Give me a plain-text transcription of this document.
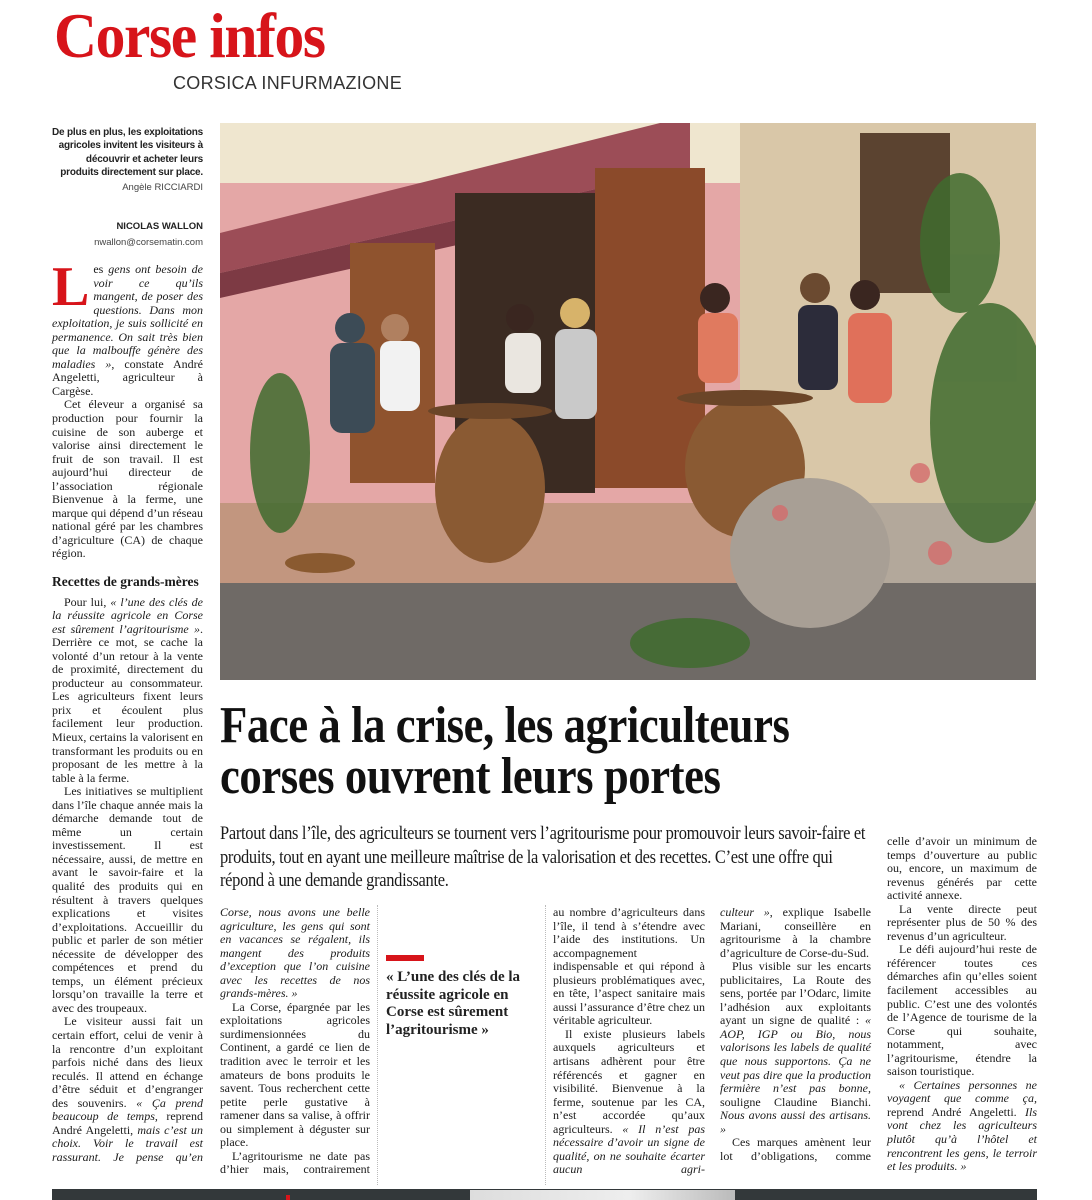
Corse infos
CORSICA INFURMAZIONE
De plus en plus, les exploitations agricoles invitent les visiteurs à découvrir et acheter leurs produits directement sur place.
Angèle RICCIARDI
NICOLAS WALLON
nwallon@corsematin.com
L es gens ont besoin de voir ce qu’ils mangent, de poser des questions. Dans mon exploitation, je suis sollicité en permanence. On sait très bien que la malbouffe génère des maladies », constate André Angeletti, agriculteur à Cargèse.

Cet éleveur a organisé sa production pour fournir la cuisine de son auberge et valorise ainsi directement le fruit de son travail. Il est aujourd’hui directeur de l’association régionale Bienvenue à la ferme, une marque qui dépend d’un réseau national géré par les chambres d’agriculture (CA) de chaque région.

Recettes de grands-mères

Pour lui, « l’une des clés de la réussite agricole en Corse est sûrement l’agritourisme ». Derrière ce mot, se cache la volonté d’un retour à la vente de proximité, directement du producteur au consommateur. Les agriculteurs fixent leurs prix et écoulent plus facilement leur production. Mieux, certains la valorisent en transformant les produits ou en proposant de les mettre à la table à la ferme.

Les initiatives se multiplient dans l’île chaque année mais la démarche demande tout de même un certain investissement. Il est nécessaire, aussi, de mettre en avant le savoir-faire et la qualité des produits qui en résultent à travers quelques explications et visites d’exploitations. Accueillir du public et parler de son métier nécessite de développer des compétences et prend du temps, un élément précieux lorsqu’on travaille la terre et avec des troupeaux.

Le visiteur aussi fait un certain effort, celui de venir à la rencontre d’un exploitant parfois niché dans des lieux reculés. Il attend en échange d’être séduit et d’engranger des souvenirs. « Ça prend beaucoup de temps, reprend André Angeletti, mais c’est un choix. Voir le travail est rassurant. Je pense qu’en

Face à la crise, les agriculteurs
corses ouvrent leurs portes
Partout dans l’île, des agriculteurs se tournent vers l’agritourisme pour promouvoir leurs savoir-faire et produits, tout en ayant une meilleure maîtrise de la valorisation et des recettes. C’est une offre qui répond à une demande grandissante.

Corse, nous avons une belle agriculture, les gens qui sont en vacances se régalent, ils mangent des produits d’exception que l’on cuisine avec les recettes de nos grands-mères. »

La Corse, épargnée par les exploitations agricoles surdimensionnées du Continent, a gardé ce lien de tradition avec le terroir et les amateurs de bons produits le savent. Tous recherchent cette petite perle gustative à ramener dans sa valise, à offrir ou simplement à déguster sur place.

L’agritourisme ne date pas d’hier mais, contrairement

« L’une des clés de la réussite agricole en Corse est sûrement l’agritourisme »

au nombre d’agriculteurs dans l’île, il tend à s’étendre avec l’aide des institutions. Un accompagnement indispensable et qui répond à plusieurs problématiques avec, en tête, l’aspect sanitaire mais aussi l’assurance d’être chez un véritable agriculteur.

Il existe plusieurs labels auxquels agriculteurs et artisans adhèrent pour être référencés et gagner en visibilité. Bienvenue à la ferme, soutenue par les CA, n’est accordée qu’aux agriculteurs. « Il n’est pas nécessaire d’avoir un signe de qualité, on ne souhaite écarter aucun agri-

culteur », explique Isabelle Mariani, conseillère en agritourisme à la chambre d’agriculture de Corse-du-Sud.

Plus visible sur les encarts publicitaires, La Route des sens, portée par l’Odarc, limite l’adhésion aux exploitants ayant un signe de qualité : « AOP, IGP ou Bio, nous valorisons les labels de qualité que nous supportons. Ça ne veut pas dire que la production fermière n’est pas bonne, souligne Claudine Bianchi. Nous avons aussi des artisans. »

Ces marques amènent leur lot d’obligations, comme

celle d’avoir un minimum de temps d’ouverture au public ou, encore, un maximum de revenus générés par cette activité annexe.

La vente directe peut représenter plus de 50 % des revenus d’un agriculteur.

Le défi aujourd’hui reste de référencer toutes ces démarches afin qu’elles soient facilement accessibles au public. C’est une des volontés de l’Agence de tourisme de la Corse qui souhaite, notamment, avec l’agritourisme, étendre la saison touristique.

« Certaines personnes ne voyagent que comme ça, reprend André Angeletti. Ils vont chez les agriculteurs plutôt qu’à l’hôtel et rencontrent les gens, le terroir et les produits. »
